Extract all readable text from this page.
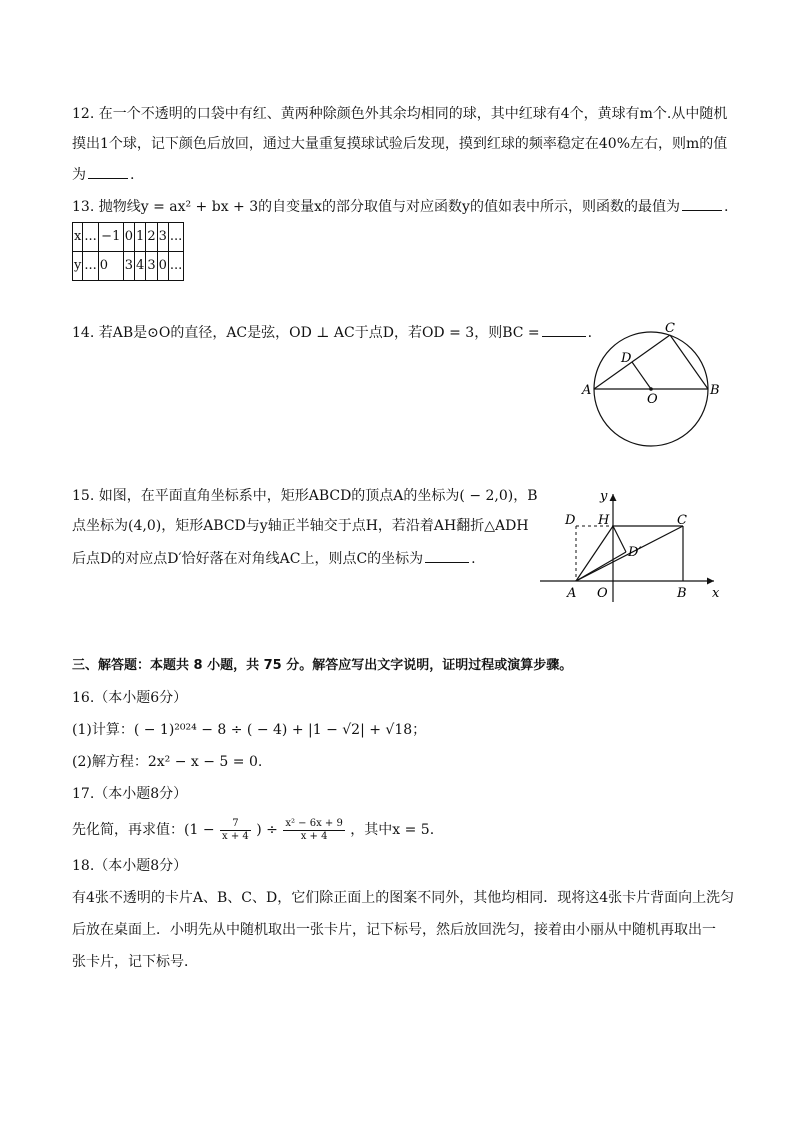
12. 在一个不透明的口袋中有红、黄两种除颜色外其余均相同的球，其中红球有4个，黄球有m个.从中随机
摸出1个球，记下颜色后放回，通过大量重复摸球试验后发现，摸到红球的频率稳定在40%左右，则m的值
为	.
13. 抛物线y = ax² + bx + 3的自变量x的部分取值与对应函数y的值如表中所示，则函数的最值为	.
x	...	−1	0	1	2	3	...
y	...	0	3	4	3	0	...
14. 若AB是⊙O的直径，AC是弦，OD ⊥ AC于点D，若OD = 3，则BC =	.
A	B
C
D
O
15. 如图，在平面直角坐标系中，矩形ABCD的顶点A的坐标为( − 2,0)，B
点坐标为(4,0)，矩形ABCD与y轴正半轴交于点H，若沿着AH翻折△ADH
后点D的对应点D′恰好落在对角线AC上，则点C的坐标为	.
y
x
D H	C
D′
A O	B
三、解答题：本题共 8 小题，共 75 分。解答应写出文字说明，证明过程或演算步骤。
16.（本小题6分）
(1)计算：( − 1)²⁰²⁴ − 8 ÷ ( − 4) + |1 − √2| + √18；
(2)解方程：2x² − x − 5 = 0.
17.（本小题8分）
先化简，再求值：($1 - \frac{7}{x + 4}$ ) ÷ $\frac{\text{x² − 6x + 9}}{x + 4}$ ，其中x = 5.
18.（本小题8分）
有4张不透明的卡片A、B、C、D，它们除正面上的图案不同外，其他均相同．现将这4张卡片背面向上洗匀
后放在桌面上．小明先从中随机取出一张卡片，记下标号，然后放回洗匀，接着由小丽从中随机再取出一
张卡片，记下标号．
